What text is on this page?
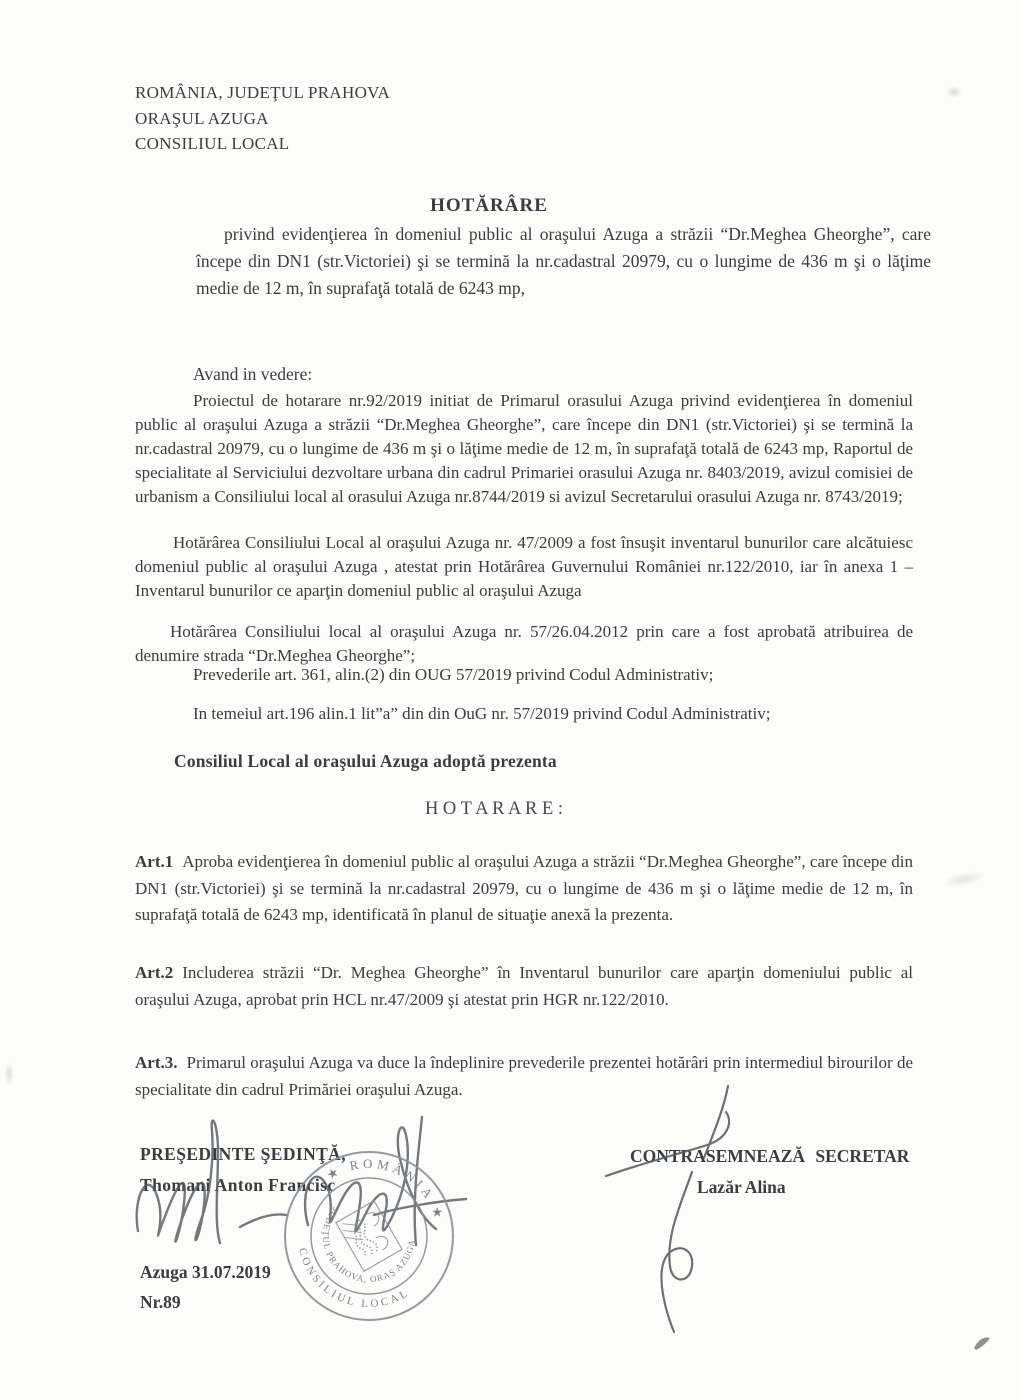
ROMÂNIA, JUDEŢUL PRAHOVA
ORAŞUL AZUGA
CONSILIUL LOCAL
HOTĂRÂRE

privind evidenţierea în domeniul public al oraşului Azuga a străzii “Dr.Meghea Gheorghe”, care începe din DN1 (str.Victoriei) şi se termină la nr.cadastral 20979, cu o lungime de 436 m şi o lăţime medie de 12 m, în suprafaţă totală de 6243 mp,

Avand in vedere:

Proiectul de hotarare nr.92/2019 initiat de Primarul orasului Azuga privind evidenţierea în domeniul public al oraşului Azuga a străzii “Dr.Meghea Gheorghe”, care începe din DN1 (str.Victoriei) şi se termină la nr.cadastral 20979, cu o lungime de 436 m şi o lăţime medie de 12 m, în suprafaţă totală de 6243 mp, Raportul de specialitate al Serviciului dezvoltare urbana din cadrul Primariei orasului Azuga nr. 8403/2019, avizul comisiei de urbanism a Consiliului local al orasului Azuga nr.8744/2019 si avizul Secretarului orasului Azuga nr. 8743/2019;

Hotărârea Consiliului Local al oraşului Azuga nr. 47/2009 a fost însuşit inventarul bunurilor care alcătuiesc domeniul public al oraşului Azuga , atestat prin Hotărârea Guvernului României nr.122/2010, iar în anexa 1 – Inventarul bunurilor ce aparţin domeniul public al oraşului Azuga

Hotărârea Consiliului local al oraşului Azuga nr. 57/26.04.2012 prin care a fost aprobată atribuirea de denumire strada “Dr.Meghea Gheorghe”;

Prevederile art. 361, alin.(2) din OUG 57/2019 privind Codul Administrativ;

In temeiul art.196 alin.1 lit”a” din din OuG nr. 57/2019 privind Codul Administrativ;

Consiliul Local al oraşului Azuga adoptă prezenta
H O T A R A R E :

Art.1 Aproba evidenţierea în domeniul public al oraşului Azuga a străzii “Dr.Meghea Gheorghe”, care începe din DN1 (str.Victoriei) şi se termină la nr.cadastral 20979, cu o lungime de 436 m şi o lăţime medie de 12 m, în suprafaţă totală de 6243 mp, identificată în planul de situaţie anexă la prezenta.

Art.2 Includerea străzii “Dr. Meghea Gheorghe” în Inventarul bunurilor care aparţin domeniului public al oraşului Azuga, aprobat prin HCL nr.47/2009 şi atestat prin HGR nr.122/2010.

Art.3. Primarul oraşului Azuga va duce la îndeplinire prevederile prezentei hotărâri prin intermediul birourilor de specialitate din cadrul Primăriei oraşului Azuga.

PREŞEDINTE ŞEDINŢĂ,
Thomani Anton Francisc
CONTRASEMNEAZĂ SECRETAR
Lazăr Alina
Azuga 31.07.2019
Nr.89
★ ROMÂNIA ★
CONSILIUL LOCAL
JUDEŢUL PRAHOVA, ORAŞ AZUGA
